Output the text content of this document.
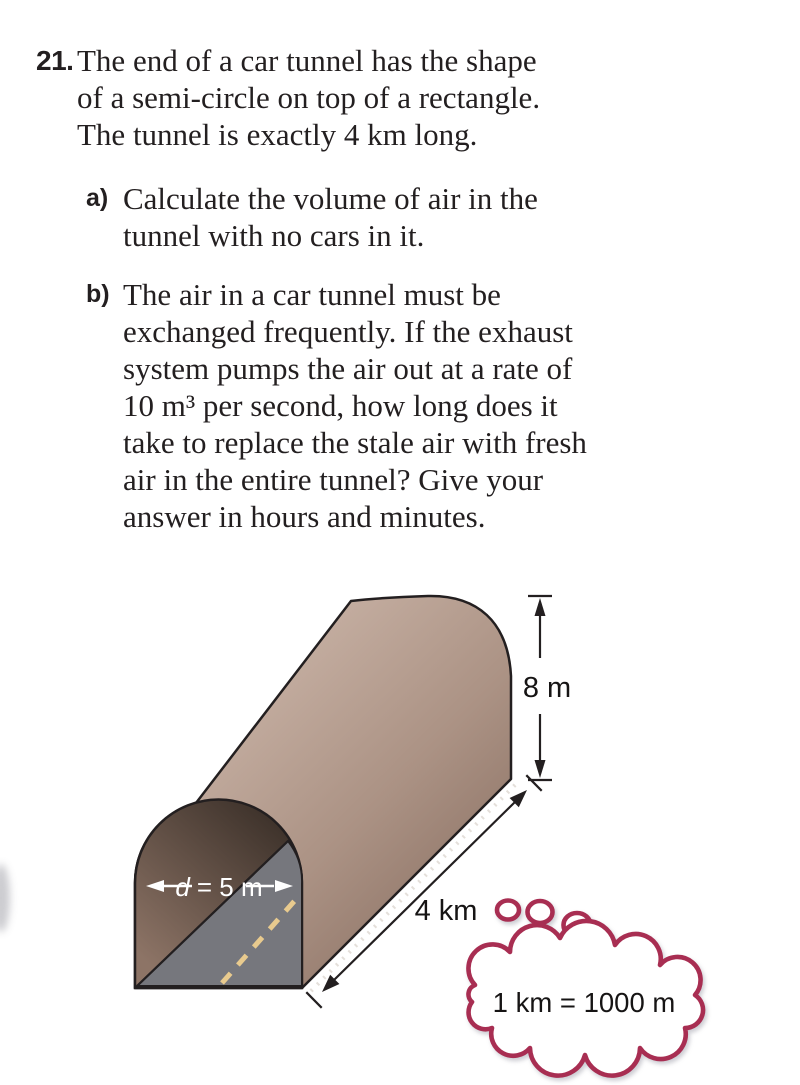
21. The end of a car tunnel has the shape
of a semi-circle on top of a rectangle.
The tunnel is exactly 4 km long.
a) Calculate the volume of air in the
tunnel with no cars in it.
b) The air in a car tunnel must be
exchanged frequently. If the exhaust
system pumps the air out at a rate of
10 m³ per second, how long does it
take to replace the stale air with fresh
air in the entire tunnel? Give your
answer in hours and minutes.
8 m
4 km
d = 5 m
1 km = 1000 m
